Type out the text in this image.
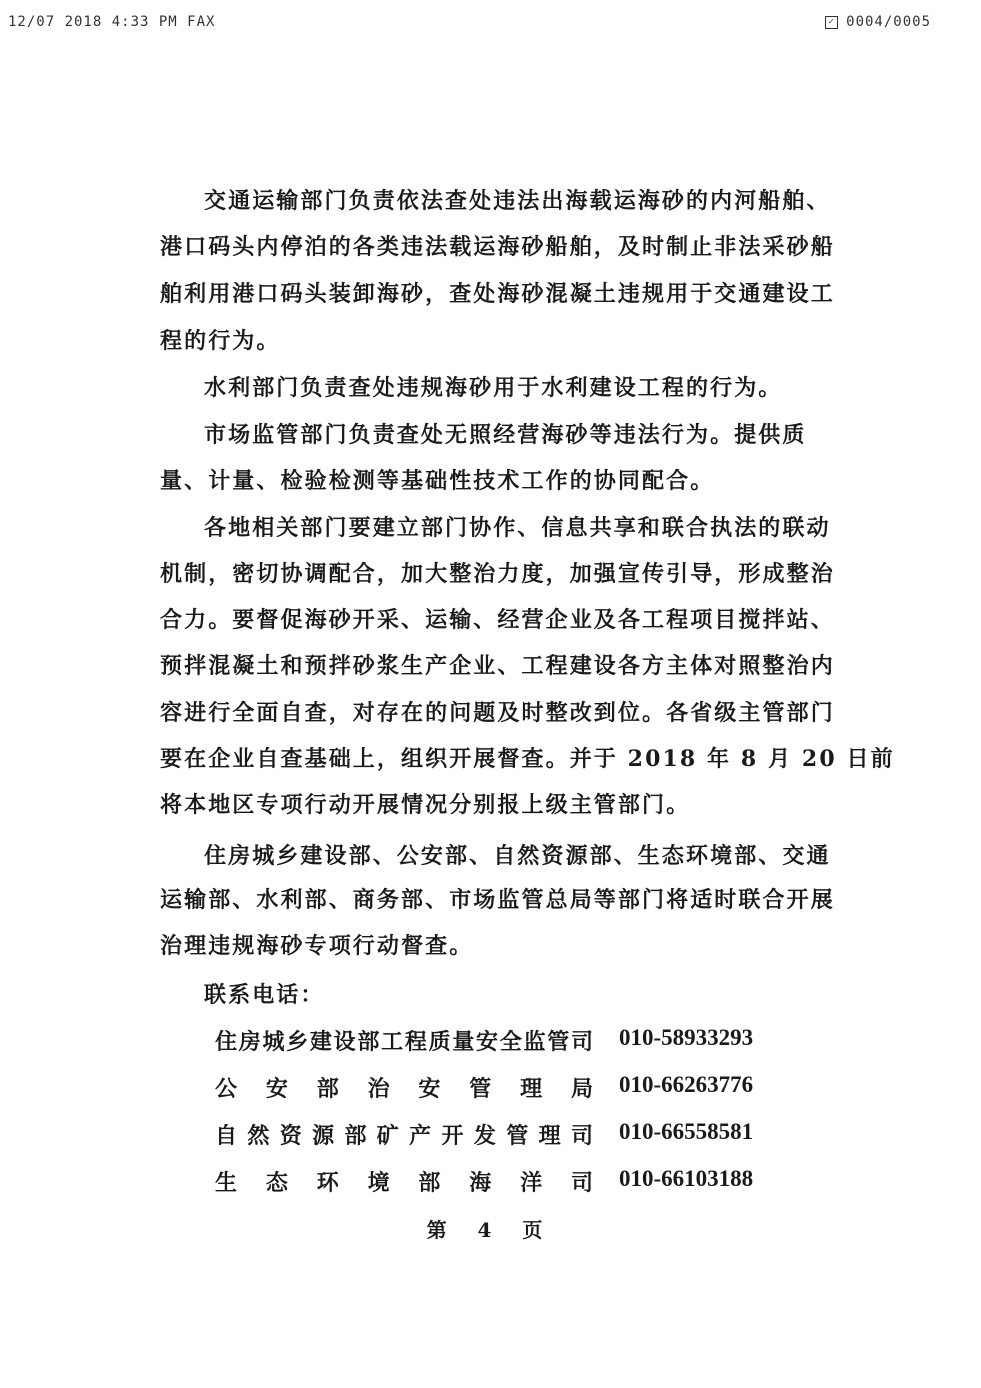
12/07 2018 4:33 PM FAX	✓ 0004/0005
交通运输部门负责依法查处违法出海载运海砂的内河船舶、
港口码头内停泊的各类违法载运海砂船舶，及时制止非法采砂船
舶利用港口码头装卸海砂，查处海砂混凝土违规用于交通建设工
程的行为。
水利部门负责查处违规海砂用于水利建设工程的行为。
市场监管部门负责查处无照经营海砂等违法行为。提供质
量、计量、检验检测等基础性技术工作的协同配合。
各地相关部门要建立部门协作、信息共享和联合执法的联动
机制，密切协调配合，加大整治力度，加强宣传引导，形成整治
合力。要督促海砂开采、运输、经营企业及各工程项目搅拌站、
预拌混凝土和预拌砂浆生产企业、工程建设各方主体对照整治内
容进行全面自查，对存在的问题及时整改到位。各省级主管部门
要在企业自查基础上，组织开展督查。并于 2018 年 8 月 20 日前
将本地区专项行动开展情况分别报上级主管部门。
住房城乡建设部、公安部、自然资源部、生态环境部、交通
运输部、水利部、商务部、市场监管总局等部门将适时联合开展
治理违规海砂专项行动督查。
联系电话：
住房城乡建设部工程质量安全监管司 010-58933293
公安部治安管理局 010-66263776
自然资源部矿产开发管理司 010-66558581
生态环境部海洋司 010-66103188
第 4 页
